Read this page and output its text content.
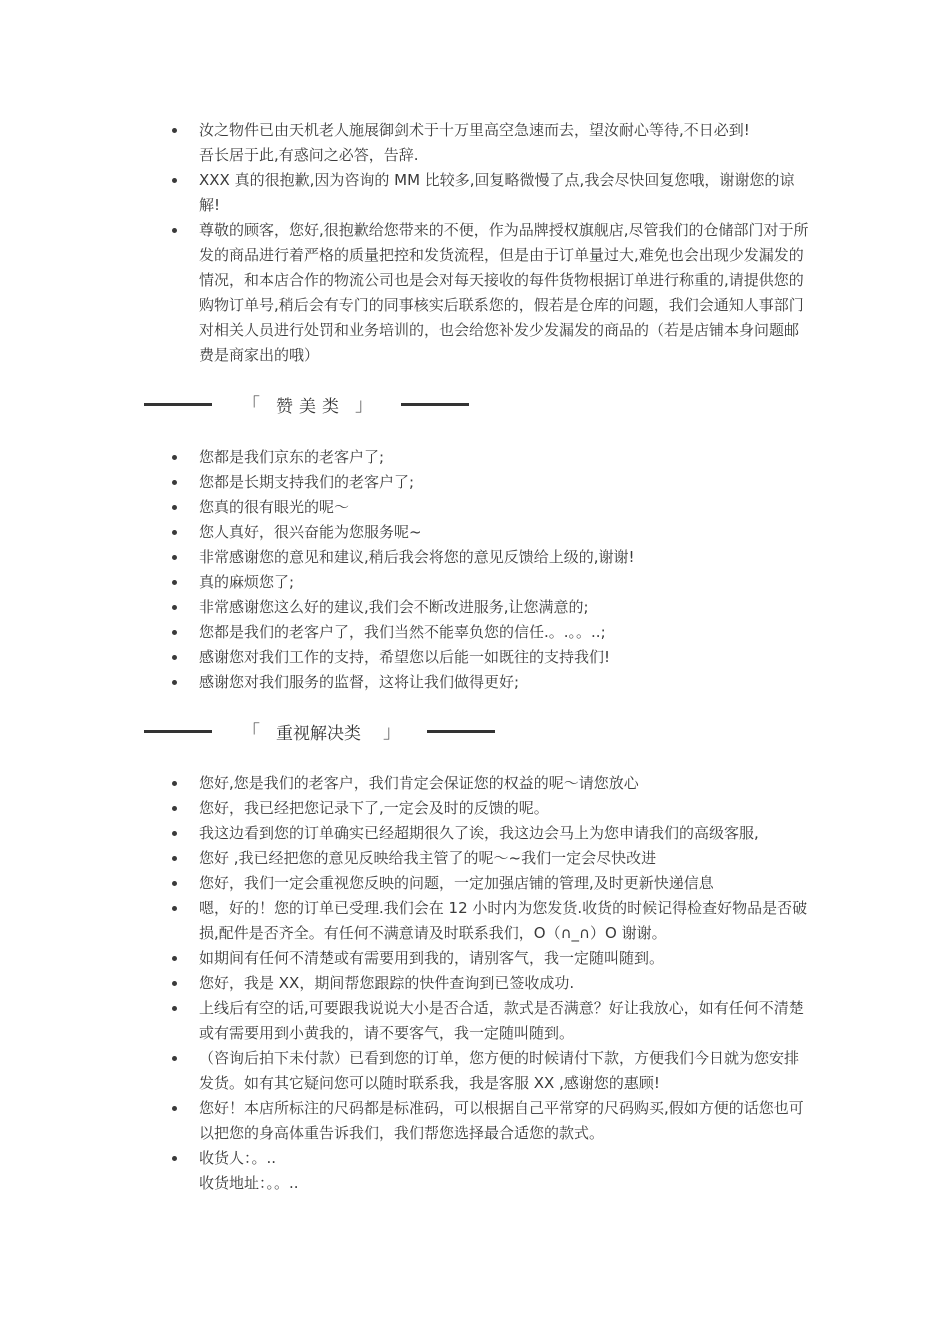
汝之物件已由天机老人施展御剑术于十万里高空急速而去，望汝耐心等待,不日必到!
吾长居于此,有惑问之必答，告辞.
XXX 真的很抱歉,因为咨询的 MM 比较多,回复略微慢了点,我会尽快回复您哦，谢谢您的谅解!
尊敬的顾客，您好,很抱歉给您带来的不便，作为品牌授权旗舰店,尽管我们的仓储部门对于所发的商品进行着严格的质量把控和发货流程，但是由于订单量过大,难免也会出现少发漏发的情况，和本店合作的物流公司也是会对每天接收的每件货物根据订单进行称重的,请提供您的购物订单号,稍后会有专门的同事核实后联系您的，假若是仓库的问题，我们会通知人事部门对相关人员进行处罚和业务培训的，也会给您补发少发漏发的商品的（若是店铺本身问题邮费是商家出的哦）
「 赞美类 」
您都是我们京东的老客户了;
您都是长期支持我们的老客户了;
您真的很有眼光的呢～
您人真好，很兴奋能为您服务呢~
非常感谢您的意见和建议,稍后我会将您的意见反馈给上级的,谢谢!
真的麻烦您了;
非常感谢您这么好的建议,我们会不断改进服务,让您满意的;
您都是我们的老客户了，我们当然不能辜负您的信任.。.。。..;
感谢您对我们工作的支持，希望您以后能一如既往的支持我们!
感谢您对我们服务的监督，这将让我们做得更好;
「 重视解决类 」
您好,您是我们的老客户，我们肯定会保证您的权益的呢～请您放心
您好，我已经把您记录下了,一定会及时的反馈的呢。
我这边看到您的订单确实已经超期很久了诶，我这边会马上为您申请我们的高级客服,
您好 ,我已经把您的意见反映给我主管了的呢～~我们一定会尽快改进
您好，我们一定会重视您反映的问题，一定加强店铺的管理,及时更新快递信息
嗯，好的！您的订单已受理.我们会在 12 小时内为您发货.收货的时候记得检查好物品是否破损,配件是否齐全。有任何不满意请及时联系我们，O（∩_∩）O 谢谢。
如期间有任何不清楚或有需要用到我的，请别客气，我一定随叫随到。
您好，我是 XX，期间帮您跟踪的快件查询到已签收成功.
上线后有空的话,可要跟我说说大小是否合适，款式是否满意？好让我放心，如有任何不清楚或有需要用到小黄我的，请不要客气，我一定随叫随到。
（咨询后拍下未付款）已看到您的订单，您方便的时候请付下款，方便我们今日就为您安排发货。如有其它疑问您可以随时联系我，我是客服 XX ,感谢您的惠顾!
您好！本店所标注的尺码都是标准码，可以根据自己平常穿的尺码购买,假如方便的话您也可以把您的身高体重告诉我们，我们帮您选择最合适您的款式。
收货人：。..
收货地址：。。..
